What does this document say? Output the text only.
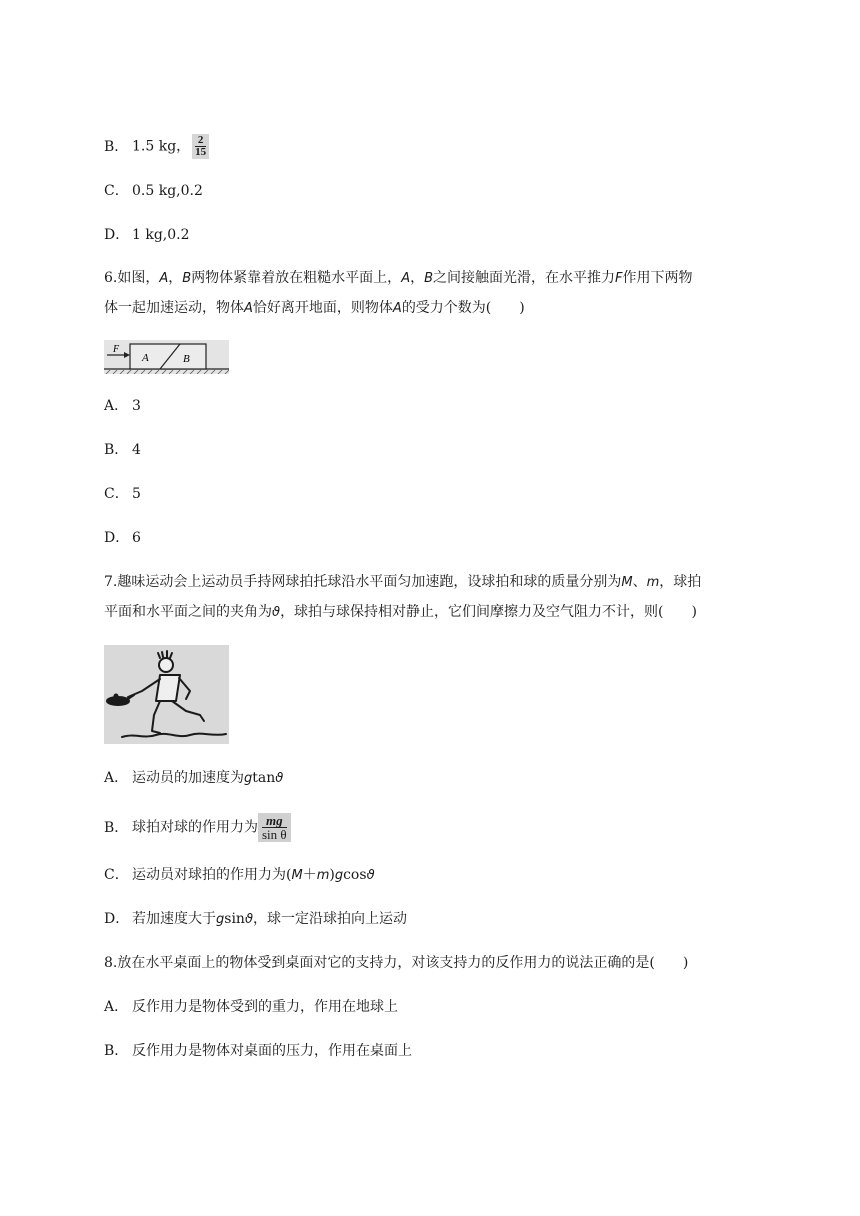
B． 1.5 kg， $\frac{2}{15}$
C． 0.5 kg,0.2
D． 1 kg,0.2
6.如图，A，B两物体紧靠着放在粗糙水平面上，A，B之间接触面光滑，在水平推力F作用下两物
体一起加速运动，物体A恰好离开地面，则物体A的受力个数为(　　)
F
A	B
A． 3
B． 4
C． 5
D． 6
7.趣味运动会上运动员手持网球拍托球沿水平面匀加速跑，设球拍和球的质量分别为M、m，球拍
平面和水平面之间的夹角为ϑ，球拍与球保持相对静止，它们间摩擦力及空气阻力不计，则(　　)
A． 运动员的加速度为gtanϑ
B． 球拍对球的作用力为 $\frac{mg}{\text{sin θ}}$
C． 运动员对球拍的作用力为(M＋m)gcosϑ
D． 若加速度大于gsinϑ，球一定沿球拍向上运动
8.放在水平桌面上的物体受到桌面对它的支持力，对该支持力的反作用力的说法正确的是(　　)
A． 反作用力是物体受到的重力，作用在地球上
B． 反作用力是物体对桌面的压力，作用在桌面上
